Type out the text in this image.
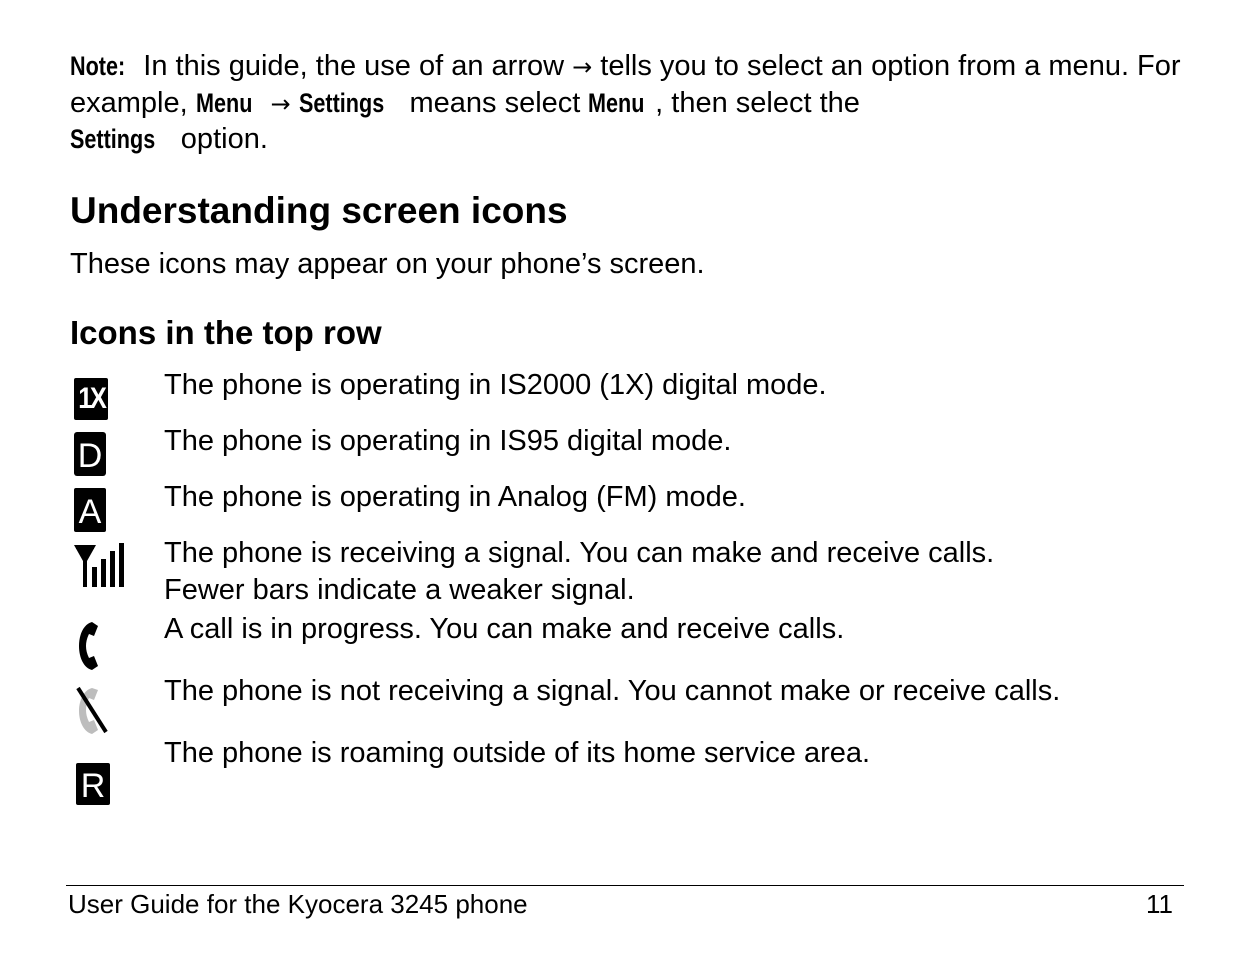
Note: In this guide, the use of an arrow → tells you to select an option from a menu. For example, Menu → Settings means select Menu , then select the
Settings option.
Understanding screen icons
These icons may appear on your phone’s screen.
Icons in the top row
1X The phone is operating in IS2000 (1X) digital mode.
D The phone is operating in IS95 digital mode.
A The phone is operating in Analog (FM) mode.
The phone is receiving a signal. You can make and receive calls.
Fewer bars indicate a weaker signal.
A call is in progress. You can make and receive calls.
The phone is not receiving a signal. You cannot make or receive calls.
R
The phone is roaming outside of its home service area.
User Guide for the Kyocera 3245 phone	11
